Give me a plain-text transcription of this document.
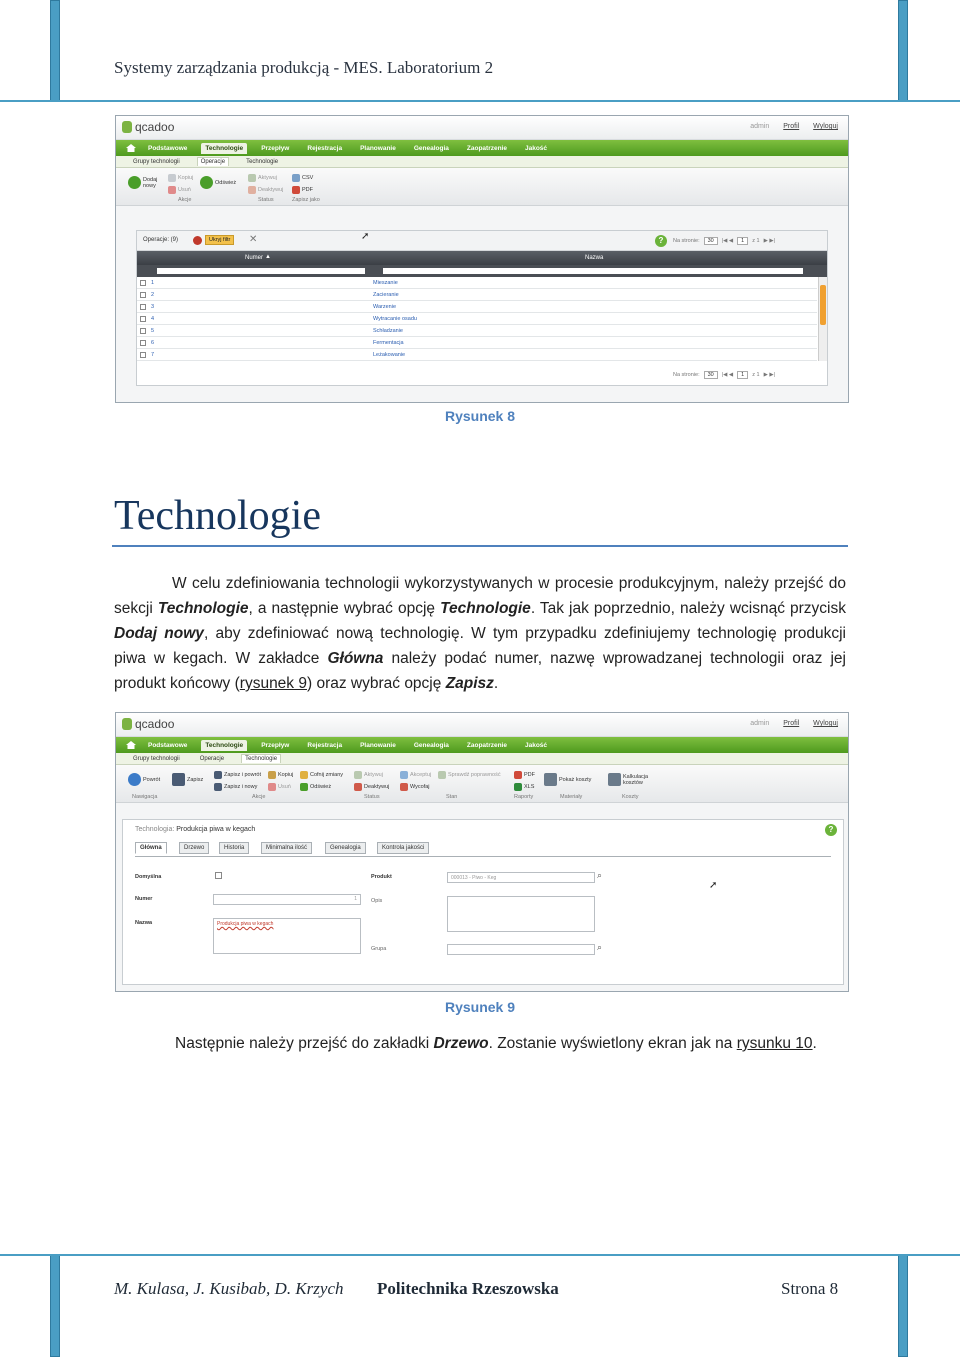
Systemy zarządzania produkcją - MES. Laboratorium 2
qcadoo	admin Profil Wyloguj
Podstawowe	Technologie	Przepływ	Rejestracja	Planowanie	Genealogia	Zaopatrzenie	Jakość
Grupy technologii	Operacje	Technologie
Dodaj nowy
Kopiuj
Usuń
Odśwież
Aktywuj
Deaktywuj
CSV
PDF
Akcje	Status	Zapisz jako
Operacje: (9)	Ukryj filtr	✕	?	Na stronie:	30	|◀ ◀	1	z 1 ▶ ▶|
Numer ▲	Nazwa
1	Mieszanie
2	Zacieranie
3	Warzenie
4	Wytracanie osadu
5	Schładzanie
6	Fermentacja
7	Leżakowanie
Na stronie:	30	|◀ ◀	1	z 1 ▶ ▶|
➚
Rysunek 8
Technologie
W celu zdefiniowania technologii wykorzystywanych w procesie produkcyjnym, należy przejść do sekcji Technologie, a następnie wybrać opcję Technologie. Tak jak poprzednio, należy wcisnąć przycisk Dodaj nowy, aby zdefiniować nową technologię. W tym przypadku zdefiniujemy technologię produkcji piwa w kegach. W zakładce Główna należy podać numer, nazwę wprowadzanej technologii oraz jej produkt końcowy (rysunek 9) oraz wybrać opcję Zapisz.
qcadoo	admin Profil Wyloguj
Podstawowe	Technologie	Przepływ	Rejestracja	Planowanie	Genealogia	Zaopatrzenie	Jakość
Grupy technologii	Operacje	Technologie
Powrót	Zapisz
Zapisz i powrót
Zapisz i nowy
Kopiuj
Usuń
Cofnij zmiany
Odśwież
Aktywuj
Deaktywuj
Akceptuj
Wycofaj
Sprawdź poprawność	PDF
XLS
Pokaż koszty	Kalkulacja kosztów
Nawigacja	Akcje	Status	Stan	Raporty	Materiały	Koszty
Technologia: Produkcja piwa w kegach	?
Główna	Drzewo	Historia	Minimalna ilość	Genealogia	Kontrola jakości
Domyślna
Numer	1
Nazwa	Produkcja piwa w kegach
Produkt	000013 - Piwo - Keg	⌕
Opis
Grupa	⌕
➚
Rysunek 9
Następnie należy przejść do zakładki Drzewo. Zostanie wyświetlony ekran jak na rysunku 10.
M. Kulasa, J. Kusibab, D. Krzych Politechnika Rzeszowska	Strona 8
